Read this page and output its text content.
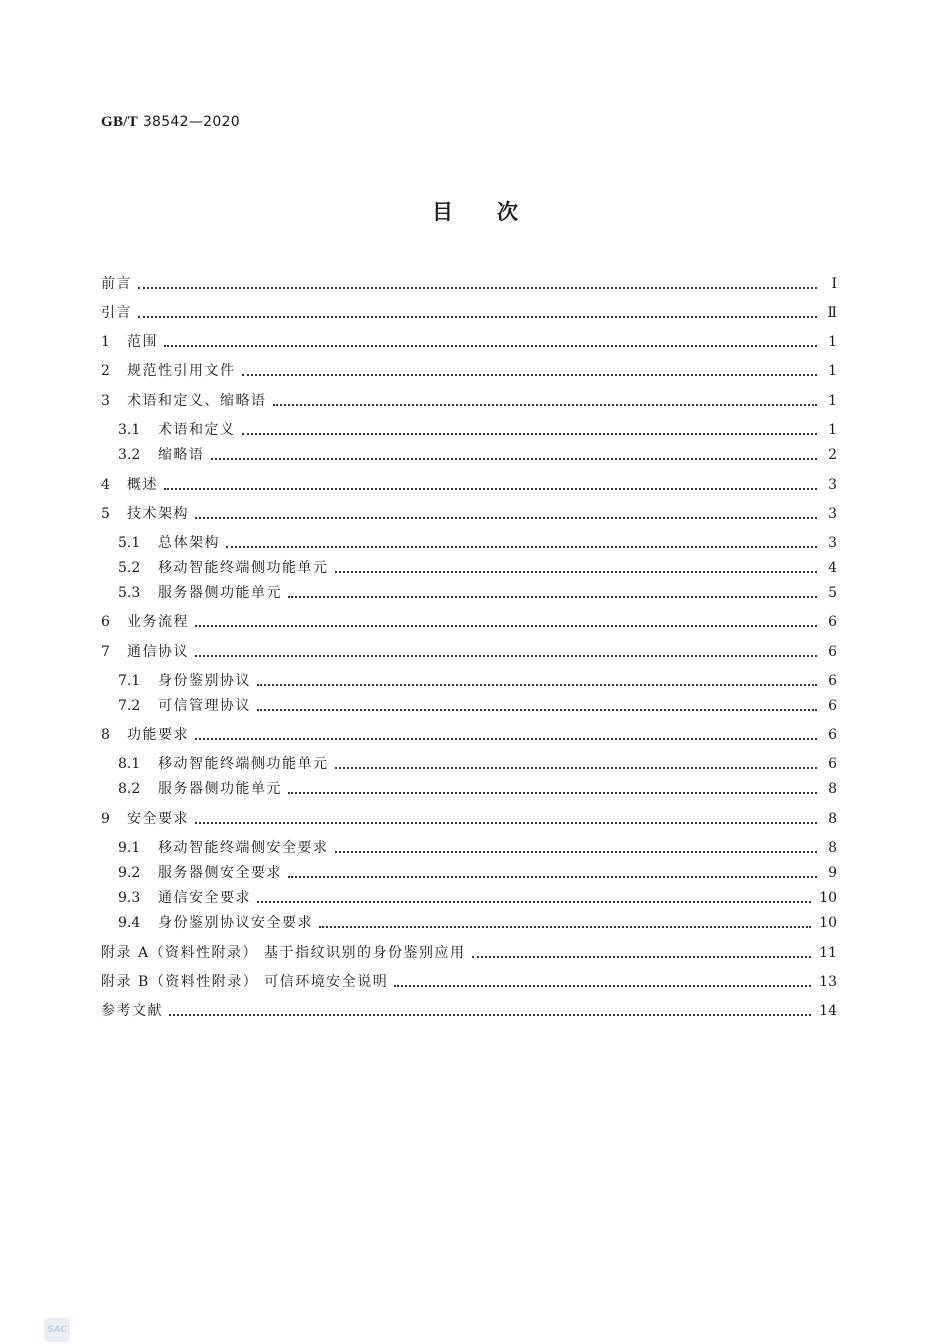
GB/T 38542—2020
目 次
前言	Ⅰ
引言	Ⅱ
1	范围	1
2	规范性引用文件	1
3	术语和定义、缩略语	1
3.1	术语和定义	1
3.2	缩略语	2
4	概述	3
5	技术架构	3
5.1	总体架构	3
5.2	移动智能终端侧功能单元	4
5.3	服务器侧功能单元	5
6	业务流程	6
7	通信协议	6
7.1	身份鉴别协议	6
7.2	可信管理协议	6
8	功能要求	6
8.1	移动智能终端侧功能单元	6
8.2	服务器侧功能单元	8
9	安全要求	8
9.1	移动智能终端侧安全要求	8
9.2	服务器侧安全要求	9
9.3	通信安全要求	10
9.4	身份鉴别协议安全要求	10
附录 A（资料性附录） 基于指纹识别的身份鉴别应用	11
附录 B（资料性附录） 可信环境安全说明	13
参考文献	14
SAC
